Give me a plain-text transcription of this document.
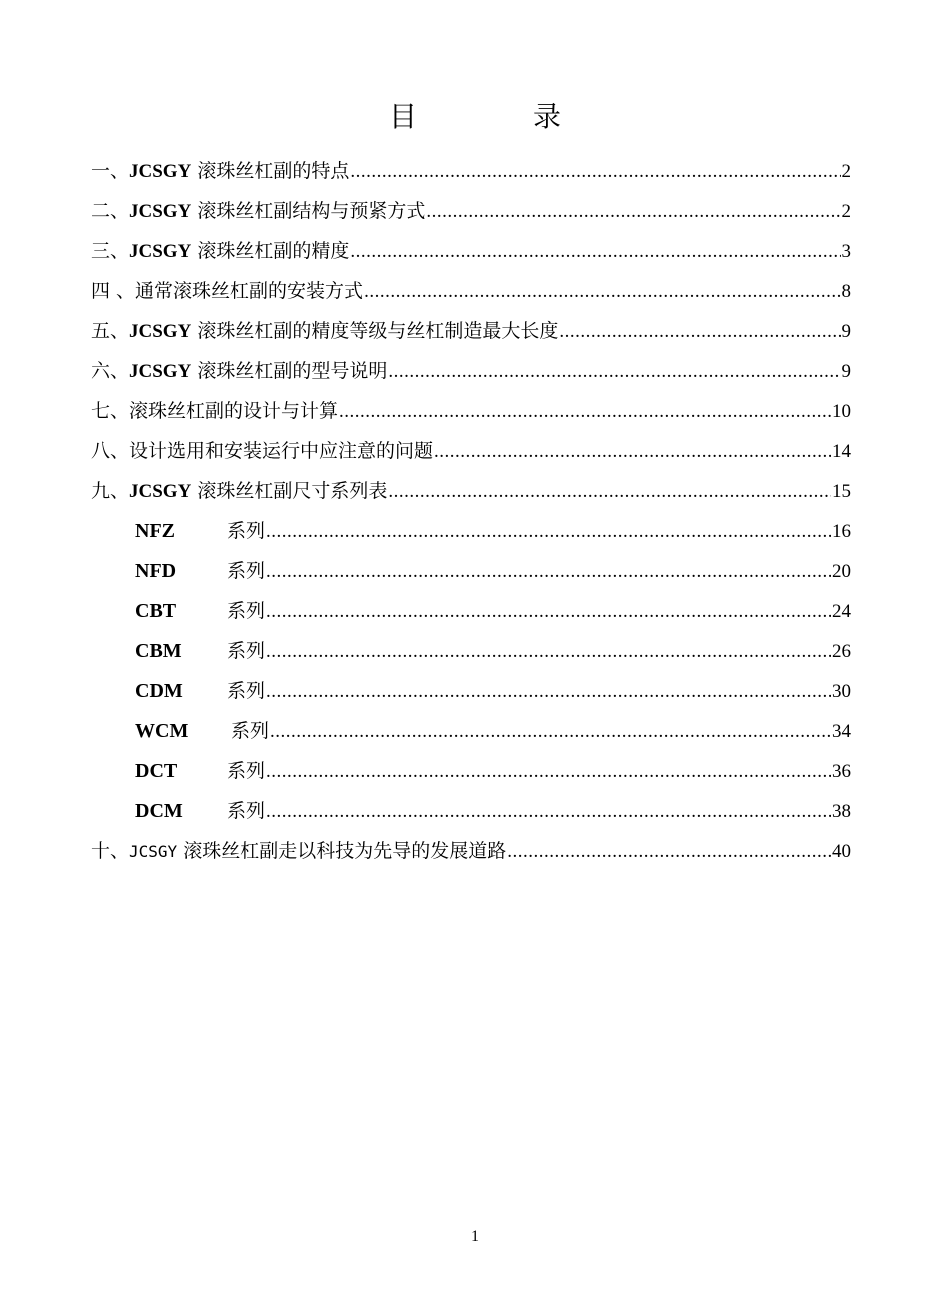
目　录
一、JCSGY 滚珠丝杠副的特点 .....	2
二、JCSGY 滚珠丝杠副结构与预紧方式 .....	2
三、JCSGY 滚珠丝杠副的精度 .....	3
四 、通常滚珠丝杠副的安装方式 .....	8
五、JCSGY 滚珠丝杠副的精度等级与丝杠制造最大长度 .....	9
六、JCSGY 滚珠丝杠副的型号说明 .....	9
七、滚珠丝杠副的设计与计算 .....	10
八、设计选用和安装运行中应注意的问题 .....	14
九、JCSGY 滚珠丝杠副尺寸系列表 .....	15
NFZ	系列 .....	16
NFD	系列 .....	20
CBT	系列 .....	24
CBM 系列 .....	26
CDM 系列 .....	30
WCM 系列 .....	34
DCT	系列 .....	36
DCM 系列 .....	38
十、JCSGY 滚珠丝杠副走以科技为先导的发展道路 .....	40
1
